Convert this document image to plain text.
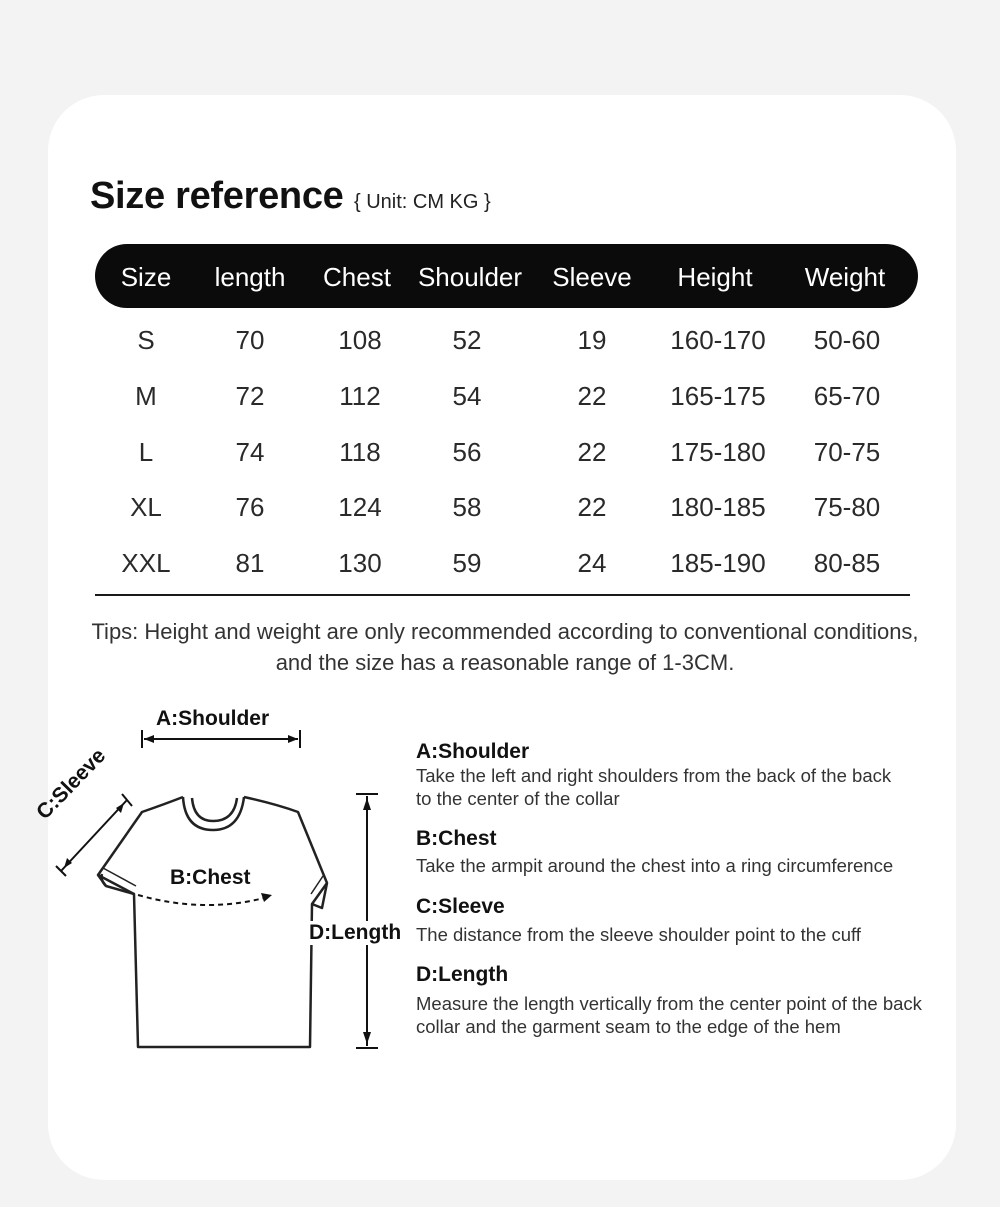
Size reference { Unit: CM KG }
Size	length	Chest	Shoulder	Sleeve	Height	Weight
S	70	108	52	19	160-170	50-60
M	72	112	54	22	165-175	65-70
L	74	118	56	22	175-180	70-75
XL	76	124	58	22	180-185	75-80
XXL	81	130	59	24	185-190	80-85
Tips: Height and weight are only recommended according to conventional conditions, and the size has a reasonable range of 1-3CM.
A:Shoulder
B:Chest
C:Sleeve
D:Length
A:Shoulder
Take the left and right shoulders from the back of the back to the center of the collar
B:Chest
Take the armpit around the chest into a ring circumference
C:Sleeve
The distance from the sleeve shoulder point to the cuff
D:Length
Measure the length vertically from the center point of the back collar and the garment seam to the edge of the hem
